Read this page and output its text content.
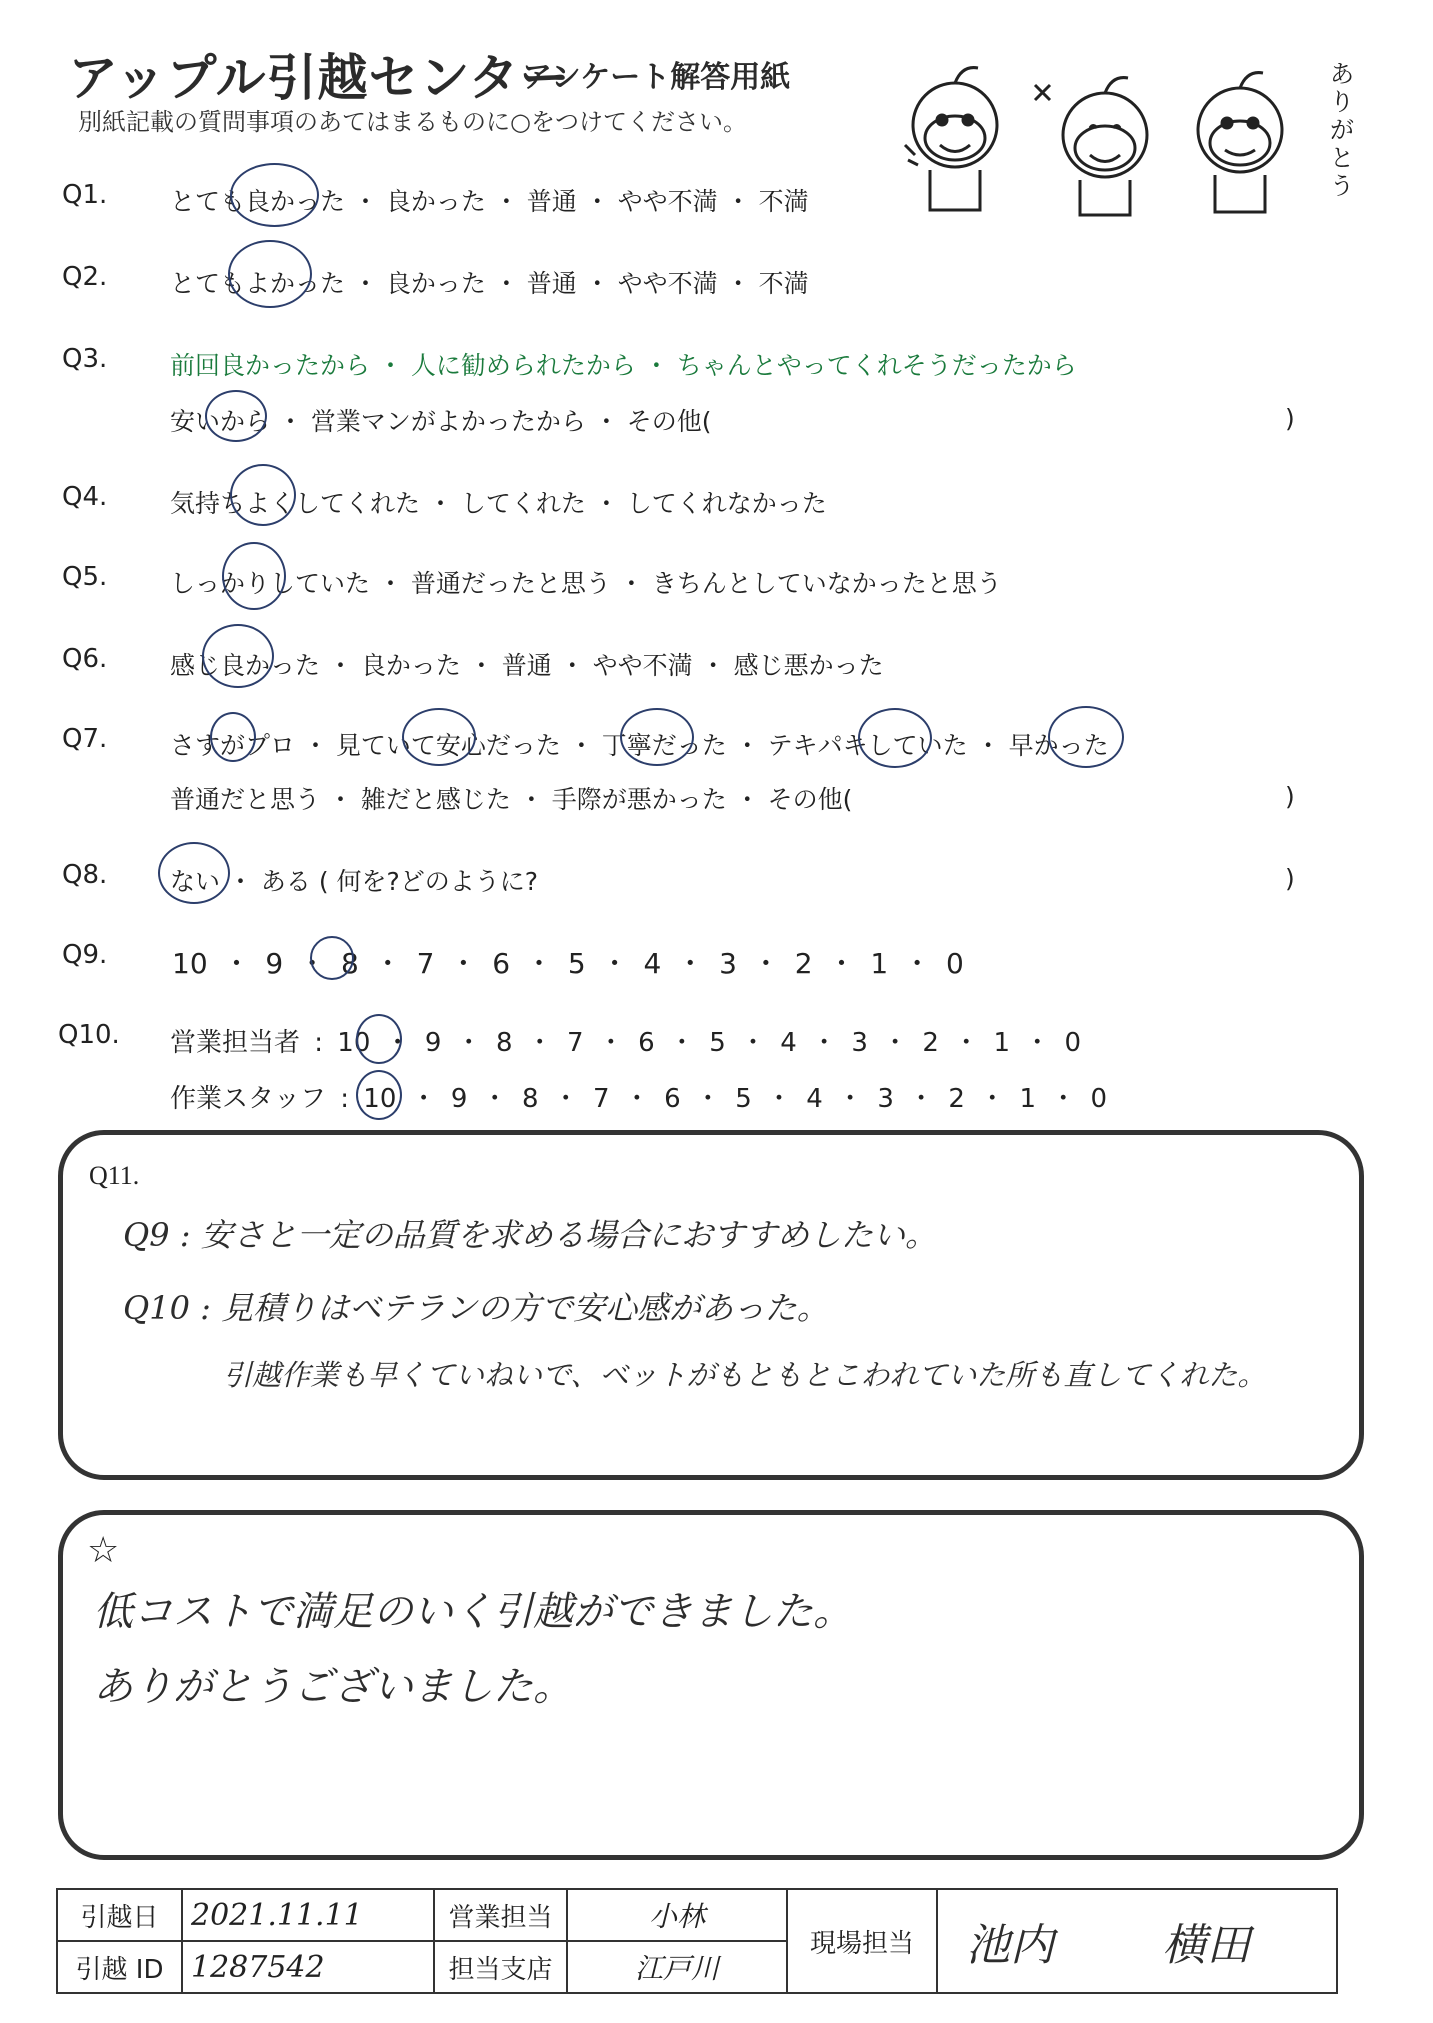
アップル引越センター
アンケート解答用紙
別紙記載の質問事項のあてはまるものに○をつけてください。
ありがとう
Q1.	とても良かった ・ 良かった ・ 普通 ・ やや不満 ・ 不満
Q2.	とてもよかった ・ 良かった ・ 普通 ・ やや不満 ・ 不満
Q3.	前回良かったから ・ 人に勧められたから ・ ちゃんとやってくれそうだったから
安いから ・ 営業マンがよかったから ・ その他(	)
Q4.	気持ちよくしてくれた ・ してくれた ・ してくれなかった
Q5.	しっかりしていた ・ 普通だったと思う ・ きちんとしていなかったと思う
Q6.	感じ良かった ・ 良かった ・ 普通 ・ やや不満 ・ 感じ悪かった
Q7.	さすがプロ ・ 見ていて安心だった ・ 丁寧だった ・ テキパキしていた ・ 早かった
普通だと思う ・ 雑だと感じた ・ 手際が悪かった ・ その他(	)
Q8.	ない ・ ある ( 何を?どのように?	)
Q9. 10 ・ 9 ・ 8 ・ 7 ・ 6 ・ 5 ・ 4 ・ 3 ・ 2 ・ 1 ・ 0
Q10. 営業担当者 : 10 ・ 9 ・ 8 ・ 7 ・ 6 ・ 5 ・ 4 ・ 3 ・ 2 ・ 1 ・ 0
作業スタッフ : 10 ・ 9 ・ 8 ・ 7 ・ 6 ・ 5 ・ 4 ・ 3 ・ 2 ・ 1 ・ 0
Q11.
Q9 : 安さと一定の品質を求める場合におすすめしたい。
Q10 : 見積りはベテランの方で安心感があった。
引越作業も早くていねいで、ベットがもともとこわれていた所も直してくれた。
☆
低コストで満足のいく引越ができました。
ありがとうございました。
引越日	2021.11.11	営業担当	小林	現場担当	池内 横田
引越 ID	1287542	担当支店	江戸川		
